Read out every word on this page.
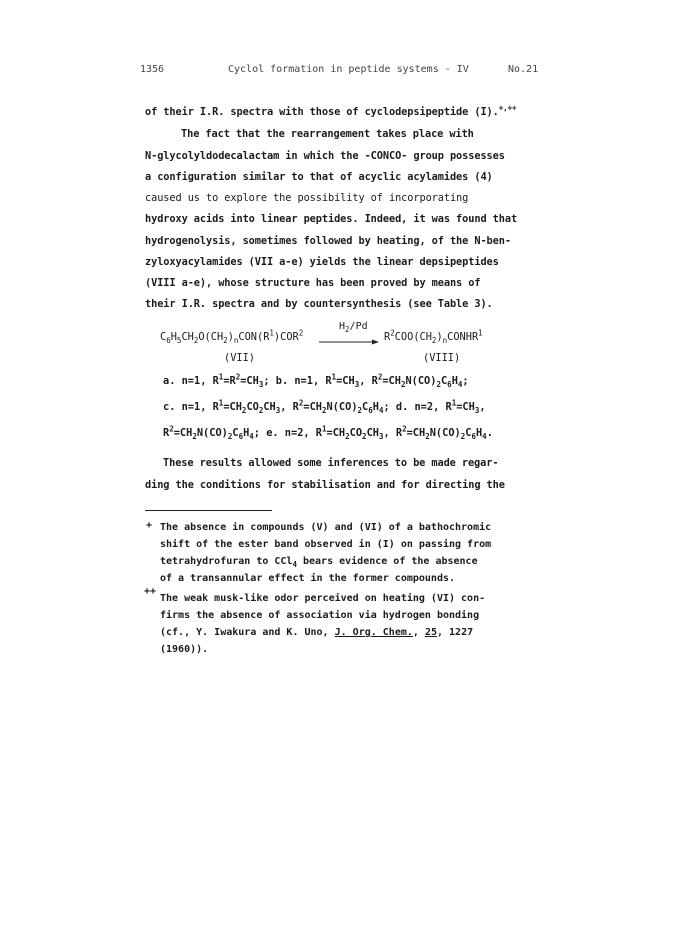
1356	Cyclol formation in peptide systems - IV	No.21
of their I.R. spectra with those of cyclodepsipeptide (I).+,++
The fact that the rearrangement takes place with
N-glycolyldodecalactam in which the -CONCO- group possesses
a configuration similar to that of acyclic acylamides (4)
caused us to explore the possibility of incorporating
hydroxy acids into linear peptides. Indeed, it was found that
hydrogenolysis, sometimes followed by heating, of the N-ben-
zyloxyacylamides (VII a-e) yields the linear depsipeptides
(VIII a-e), whose structure has been proved by means of
their I.R. spectra and by countersynthesis (see Table 3).
$C_6H_5CH_2O(CH_2)_nCON(R^1)COR^2$
$H_2/Pd$
$R^2COO(CH_2)_nCONHR^1$
(VII)	(VIII)
a. n=1, $R^1=R^2=CH_3$; b. n=1, $R^1=CH_3$, $R^2=CH_2N(CO)_2C_6H_4$;
c. n=1, $R^1=CH_2CO_2CH_3$, $R^2=CH_2N(CO)_2C_6H_4$; d. n=2, $R^1=CH_3$,
$R^2=CH_2N(CO)_2C_6H_4$; e. n=2, $R^1=CH_2CO_2CH_3$, $R^2=CH_2N(CO)_2C_6H_4$.
These results allowed some inferences to be made regar-
ding the conditions for stabilisation and for directing the
+ The absence in compounds (V) and (VI) of a bathochromic
shift of the ester band observed in (I) on passing from
tetrahydrofuran to CCl$_4$ bears evidence of the absence
of a transannular effect in the former compounds.
++
The weak musk-like odor perceived on heating (VI) con-
firms the absence of association via hydrogen bonding
(cf., Y. Iwakura and K. Uno, J. Org. Chem., 25, 1227
(1960)).
